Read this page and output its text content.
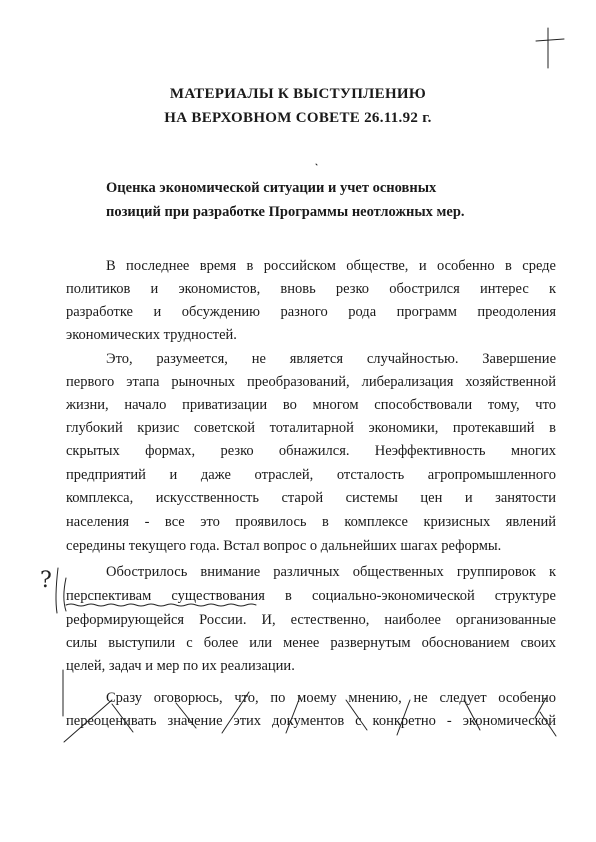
МАТЕРИАЛЫ К ВЫСТУПЛЕНИЮ
НА ВЕРХОВНОМ СОВЕТЕ 26.11.92 г.
Оценка экономической ситуации и учет основных
позиций при разработке Программы неотложных мер.
В последнее время в российском обществе, и особенно в среде
политиков и экономистов, вновь резко обострился интерес к
разработке и обсуждению разного рода программ преодоления
экономических трудностей.
Это, разумеется, не является случайностью. Завершение
первого этапа рыночных преобразований, либерализация хозяйственной
жизни, начало приватизации во многом способствовали тому, что
глубокий кризис советской тоталитарной экономики, протекавший в
скрытых формах, резко обнажился. Неэффективность многих
предприятий и даже отраслей, отсталость агропромышленного
комплекса, искусственность старой системы цен и занятости
населения - все это проявилось в комплексе кризисных явлений
середины текущего года. Встал вопрос о дальнейших шагах реформы.
Обострилось внимание различных общественных группировок к
перспективам существования в социально-экономической структуре
реформирующейся России. И, естественно, наиболее организованные
силы выступили с более или менее развернутым обоснованием своих
целей, задач и мер по их реализации.
Сразу оговорюсь, что, по моему мнению, не следует особенно
переоценивать значение этих документов с конкретно - экономической
?
